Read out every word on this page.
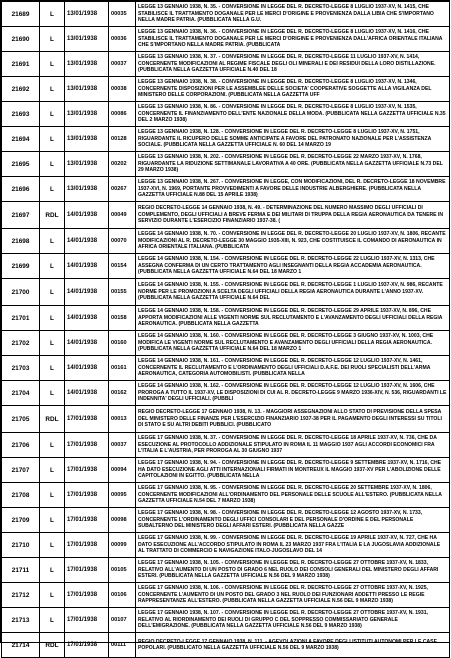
21689	L	13/01/1938	00035	LEGGE 13 GENNAIO 1938, N. 35. - CONVERSIONE IN LEGGE DEL R. DECRETO-LEGGE 8 LUGLIO 1937-XV, N. 1415, CHE STABILISCE IL TRATTAMENTO DOGANALE PER LE MERCI D'ORIGINE E PROVENIENZA DALLA LIBIA CHE S'IMPORTANO NELLA MADRE PATRIA. (PUBBLICATA NELLA G.U.

21690	L	13/01/1938	00036	LEGGE 13 GENNAIO 1938, N. 36. - CONVERSIONE IN LEGGE DEL R. DECRETO-LEGGE 8 LUGLIO 1937-XV, N. 1416, CHE STABILISCE IL TRATTAMENTO DOGANALE PER LE MERCI D'ORIGINE E PROVENIENZA DALL'AFRICA ORIENTALE ITALIANA CHE S'IMPORTANO NELLA MADRE PATRIA. (PUBBLICATA

21691	L	13/01/1938	00037	LEGGE 13 GENNAIO 1938, N. 37. - CONVERSIONE IN LEGGE DEL R. DECRETO-LEGGE 11 LUGLIO 1937-XV, N. 1414, CONCERNENTE MODIFICAZIONI AL REGIME FISCALE DEGLI OLI MINERALI E DEI RESIDUI DELLA LORO DISTILLAZIONE. (PUBBLICATA NELLA GAZZETTA UFFICIALE N.40 DEL 18

21692	L	13/01/1938	00038	LEGGE 13 GENNAIO 1938, N. 38. - CONVERSIONE IN LEGGE DEL R. DECRETO-LEGGE 8 LUGLIO 1937-XV, N. 1346, CONCERNENTE DISPOSIZIONI PER LE ASSEMBLEE DELLE SOCIETA' COOPERATIVE SOGGETTE ALLA VIGILANZA DEL MINISTERO DELLE CORPORAZIONI. (PUBBLICATA NELLA GAZZETTA UFF

21693	L	13/01/1938	00086	LEGGE 13 GENNAIO 1938, N. 86. - CONVERSIONE IN LEGGE DEL R. DECRETO-LEGGE 8 LUGLIO 1937-XV, N. 1535, CONCERNENTE IL FINANZIAMENTO DELL'ENTE NAZIONALE DELLA MODA. (PUBBLICATA NELLA GAZZETTA UFFICIALE N.35 DEL 2 MARZO 1938)

21694	L	13/01/1938	00128	LEGGE 13 GENNAIO 1938, N. 128. - CONVERSIONE IN LEGGE DEL R. DECRETO-LEGGE 8 LUGLIO 1937-XV, N. 1751, RIGUARDANTE IL RICUPERO DELLE SOMME ANTICIPATE A FAVORE DEL PATRONATO NAZIONALE PER L'ASSISTENZA SOCIALE. (PUBBLICATA NELLA GAZZETTA UFFICIALE N. 60 DEL 14 MARZO 19

21695	L	13/01/1938	00202	LEGGE 13 GENNAIO 1938, N. 202. - CONVERSIONE IN LEGGE DEL R. DECRETO-LEGGE 22 MARZO 1937-XV, N. 1768, RIGUARDANTE LA RIDUZIONE SETTIMANALE LAVORATIVA A 40 ORE. (PUBBLICATA NELLA GAZZETTA UFFICIALE N.73 DEL 29 MARZO 1938)

21696	L	13/01/1938	00267	LEGGE 13 GENNAIO 1938, N. 267. - CONVERSIONE IN LEGGE, CON MODIFICAZIONI, DEL R. DECRETO-LEGGE 18 NOVEMBRE 1937-XVI, N. 1969, PORTANTE PROVVEDIMENTI A FAVORE DELLE INDUSTRIE ALBERGHIERE. (PUBBLICATA NELLA GAZZETTA UFFICIALE N.88 DEL 15 APRILE 1938)

21697	RDL	14/01/1938	00049	REGIO DECRETO-LEGGE 14 GENNAIO 1938, N. 49. - DETERMINAZIONE DEL NUMERO MASSIMO DEGLI UFFICIALI DI COMPLEMENTO, DEGLI UFFICIALI A BREVE FERMA E DEI MILITARI DI TRUPPA DELLA REGIA AERONAUTICA DA TENERE IN SERVIZIO DURANTE L'ESERCIZIO FINANZIARIO 1937-38. (

21698	L	14/01/1938	00070	LEGGE 14 GENNAIO 1938, N. 70. - CONVERSIONE IN LEGGE DEL R. DECRETO-LEGGE 20 LUGLIO 1937-XV, N. 1806, RECANTE MODIFICAZIONI AL R. DECRETO-LEGGE 30 MAGGIO 1935-XIII, N. 923, CHE COSTITUISCE IL COMANDO DI AERONAUTICA IN AFRICA ORIENTALE ITALIANA. (PUBBLICATA

21699	L	14/01/1938	00154	LEGGE 14 GENNAIO 1938, N. 154. - CONVERSIONE IN LEGGE DEL R. DECRETO-LEGGE 22 LUGLIO 1937-XV, N. 1313, CHE ASSEGNA CONFERMA DI UN CERTO TRATTAMENTO AGLI INSEGNANTI DELLA REGIA ACCADEMIA AERONAUTICA. (PUBBLICATA NELLA GAZZETTA UFFICIALE N.64 DEL 18 MARZO 1

21700	L	14/01/1938	00155	LEGGE 14 GENNAIO 1938, N. 155. - CONVERSIONE IN LEGGE DEL R. DECRETO-LEGGE 1 LUGLIO 1937-XV, N. 986, RECANTE NORME PER LE PROMOZIONI A SCELTA DEGLI UFFICIALI DELLA REGIA AERONAUTICA DURANTE L'ANNO 1937-XV. (PUBBLICATA NELLA GAZZETTA UFFICIALE N.64 DEL

21701	L	14/01/1938	00158	LEGGE 14 GENNAIO 1938, N. 158. - CONVERSIONE IN LEGGE DEL R. DECRETO-LEGGE 29 APRILE 1937-XV, N. 896, CHE APPORTA MODIFICAZIONI ALLE VIGENTI NORME SUL RECLUTAMENTO E L'AVANZAMENTO DEGLI UFFICIALI DELLA REGIA AERONAUTICA. (PUBBLICATA NELLA GAZZETTA

21702	L	14/01/1938	00160	LEGGE 14 GENNAIO 1938, N. 160. - CONVERSIONE IN LEGGE DEL R. DECRETO-LEGGE 3 GIUGNO 1937-XV, N. 1003, CHE MODIFICA LE VIGENTI NORME SUL RECLUTAMENTO E AVANZAMENTO DEGLI UFFICIALI DELLA REGIA AERONAUTICA. (PUBBLICATA NELLA GAZZETTA UFFICIALE N.64 DEL 18 MARZO 1

21703	L	14/01/1938	00161	LEGGE 14 GENNAIO 1938, N. 161. - CONVERSIONE IN LEGGE DEL R. DECRETO-LEGGE 12 LUGLIO 1937-XV, N. 1461, CONCERNENTE IL RECLUTAMENTO E L'ORDINAMENTO DEGLI UFFICIALI D.A.F.E. DEI RUOLI SPECIALISTI DELL'ARMA AERONAUTICA, CATEGORIA AUTOMOBILISTI. (PUBBLICATA NELLA

21704	L	14/01/1938	00162	LEGGE 14 GENNAIO 1938, N. 162. - CONVERSIONE IN LEGGE DEL R. DECRETO-LEGGE 12 LUGLIO 1937-XV, N. 1606, CHE PROROGA A TUTTO IL 1937-XV, LE DISPOSIZIONI DI CUI AL R. DECRETO-LEGGE 9 MARZO 1936-XIV, N. 536, RIGUARDANTI LE INDENNITA' DEGLI UFFICIALI. (PUBBLI

21705	RDL	17/01/1938	00013	REGIO DECRETO-LEGGE 17 GENNAIO 1938, N. 13. - MAGGIORI ASSEGNAZIONI ALLO STATO DI PREVISIONE DELLA SPESA DEL MINISTERO DELLE FINANZE PER L'ESERCIZIO FINANZIARIO 1937-38 PER IL PAGAMENTO DEGLI INTERESSI SU TITOLI DI STATO E SU ALTRI DEBITI PUBBLICI. (PUBBLICATO

21706	L	17/01/1938	00037	LEGGE 17 GENNAIO 1938, N. 37. - CONVERSIONE IN LEGGE DEL R. DECRETO-LEGGE 18 APRILE 1937-XV, N. 736, CHE DA ESECUZIONE AL PROTOCOLLO ADDIZIONALE STIPULATO IN ROMA IL 11 MAGGIO 1937 AGLI ACCORDI ECONOMICI FRA L'ITALIA E L'AUSTRIA, PER PROROGA AL 30 GIUGNO 1937

21707	L	17/01/1938	00094	LEGGE 17 GENNAIO 1938, N. 94. - CONVERSIONE IN LEGGE DEL R. DECRETO-LEGGE 9 SETTEMBRE 1937-XV, N. 1716, CHE HA DATO ESECUZIONE AGLI ATTI INTERNAZIONALI FIRMATI IN MONTREUX IL MAGGIO 1937-XV PER L'ABOLIZIONE DELLE CAPITOLAZIONI IN EGITTO. (PUBBLICATA NELLA

21708	L	17/01/1938	00095	LEGGE 17 GENNAIO 1938, N. 95. - CONVERSIONE IN LEGGE DEL R. DECRETO-LEGGE 20 SETTEMBRE 1937-XV, N. 1806, CONCERNENTE MODIFICAZIONI ALL'ORDINAMENTO DEL PERSONALE DELLE SCUOLE ALL'ESTERO. (PUBBLICATA NELLA GAZZETTA UFFICIALE N.54 DEL 7 MARZO 1938)

21709	L	17/01/1938	00098	LEGGE 17 GENNAIO 1938, N. 98. - CONVERSIONE IN LEGGE DEL R. DECRETO-LEGGE 12 AGOSTO 1937-XV, N. 1733, CONCERNENTE L'ORDINAMENTO DEGLI UFFICI CONSOLARI E DEL PERSONALE D'ORDINE E DEL PERSONALE SUBALTERNO DEL MINISTERO DEGLI AFFARI ESTERI. (PUBBLICATA NELLA GAZZE

21710	L	17/01/1938	00099	LEGGE 17 GENNAIO 1938, N. 99. - CONVERSIONE IN LEGGE DEL R. DECRETO-LEGGE 19 APRILE 1937-XV, N. 727, CHE HA DATO ESECUZIONE ALL'ACCORDO STIPULATO IN ROMA IL 23 MARZO 1937 FRA L'ITALIA E LA JUGOSLAVIA ADDIZIONALE AL TRATTATO DI COMMERCIO E NAVIGAZIONE ITALO-JUGOSLAVO DEL 14

21711	L	17/01/1938	00105	LEGGE 17 GENNAIO 1938, N. 105. - CONVERSIONE IN LEGGE DEL R. DECRETO-LEGGE 27 OTTOBRE 1937-XV, N. 1833, RELATIVO ALL'AUMENTO DI UN POSTO DI GRADO 6 NEL RUOLO DEI CONSOLI GENERALI DEL MINISTERO DEGLI AFFARI ESTERI. (PUBBLICATA NELLA GAZZETTA UFFICIALE N.56 DEL 9 MARZO 1938)

21712	L	17/01/1938	00106	LEGGE 17 GENNAIO 1938, N. 106. - CONVERSIONE IN LEGGE DEL R. DECRETO-LEGGE 27 OTTOBRE 1937-XV, N. 1925, CONCERNENTE L'AUMENTO DI UN POSTO DEL GRADO 3 NEL RUOLO DEI FUNZIONARI ADDETTI PRESSO LE REGIE RAPPRESENTANZE ALL'ESTERO. (PUBBLICATA NELLA GAZZETTA UFFICIALE N.56 DEL 9 MARZO 1938)

21713	L	17/01/1938	00107	LEGGE 17 GENNAIO 1938, N. 107. - CONVERSIONE IN LEGGE DEL R. DECRETO-LEGGE 27 OTTOBRE 1937-XV, N. 1931, RELATIVO AL RIORDINAMENTO DEI RUOLI DI GRUPPO C DEL SOPPRESSO COMMISSARIATO GENERALE DELL'EMIGRAZIONE. (PUBBLICATA NELLA GAZZETTA UFFICIALE N.56 DEL 9 MARZO 1938)

21714	RDL	17/01/1938	00111	REGIO DECRETO-LEGGE 17 GENNAIO 1938, N. 111. - AGEVOLAZIONI A FAVORE DEGLI ISTITUTI AUTONOMI PER LE CASE POPOLARI. (PUBBLICATO NELLA GAZZETTA UFFICIALE N.56 DEL 9 MARZO 1938)
